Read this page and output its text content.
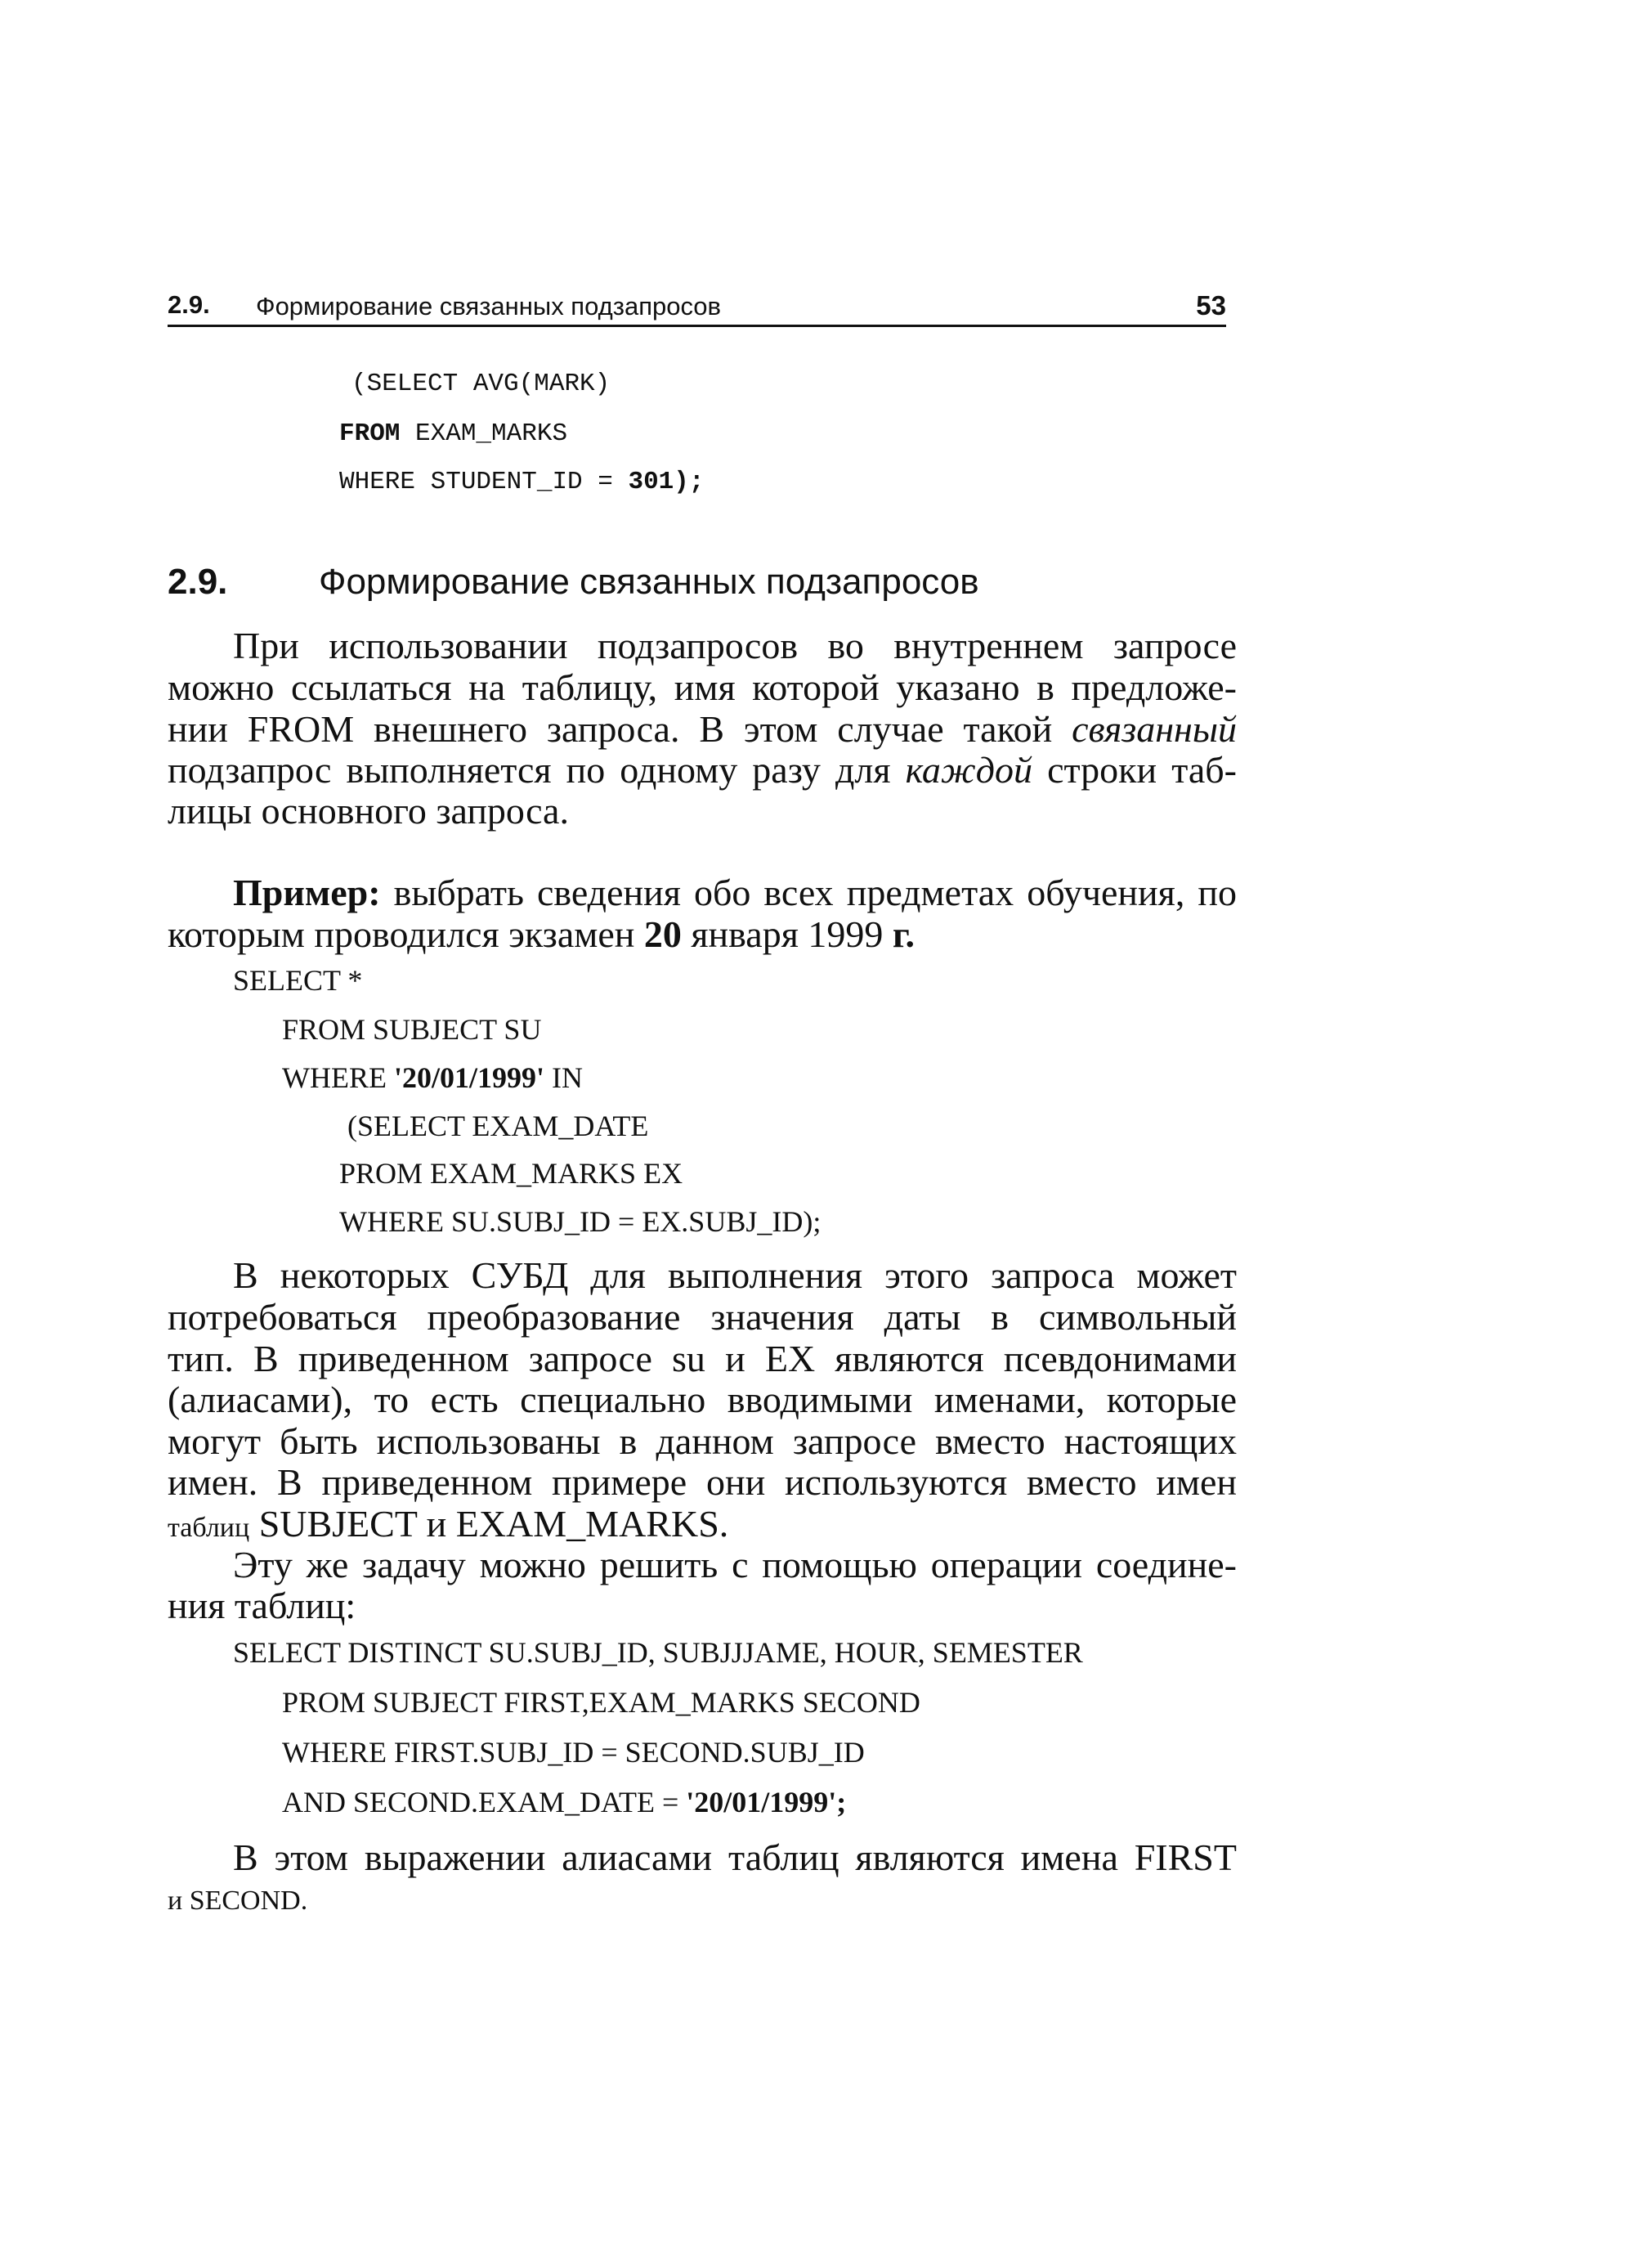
2.9. Формирование связанных подзапросов	53
(SELECT AVG(MARK)
FROM EXAM_MARKS
WHERE STUDENT_ID = 301);
2.9.	Формирование связанных подзапросов
При использовании подзапросов во внутреннем запросе
можно ссылаться на таблицу, имя которой указано в предложе-
нии FROM внешнего запроса. В этом случае такой связанный
подзапрос выполняется по одному разу для каждой строки таб-
лицы основного запроса.
Пример: выбрать сведения обо всех предметах обучения, по
которым проводился экзамен 20 января 1999 г.
SELECT *
FROM SUBJECT SU
WHERE '20/01/1999' IN
(SELECT EXAM_DATE
PROM EXAM_MARKS EX
WHERE SU.SUBJ_ID = EX.SUBJ_ID);
В некоторых СУБД для выполнения этого запроса может
потребоваться преобразование значения даты в символьный
тип. В приведенном запросе su и EX являются псевдонимами
(алиасами), то есть специально вводимыми именами, которые
могут быть использованы в данном запросе вместо настоящих
имен. В приведенном примере они используются вместо имен
таблиц SUBJECT и EXAM_MARKS.
Эту же задачу можно решить с помощью операции соедине-
ния таблиц:
SELECT DISTINCT SU.SUBJ_ID, SUBJJJAME, HOUR, SEMESTER
PROM SUBJECT FIRST,EXAM_MARKS SECOND
WHERE FIRST.SUBJ_ID = SECOND.SUBJ_ID
AND SECOND.EXAM_DATE = '20/01/1999';
В этом выражении алиасами таблиц являются имена FIRST
и SECOND.
